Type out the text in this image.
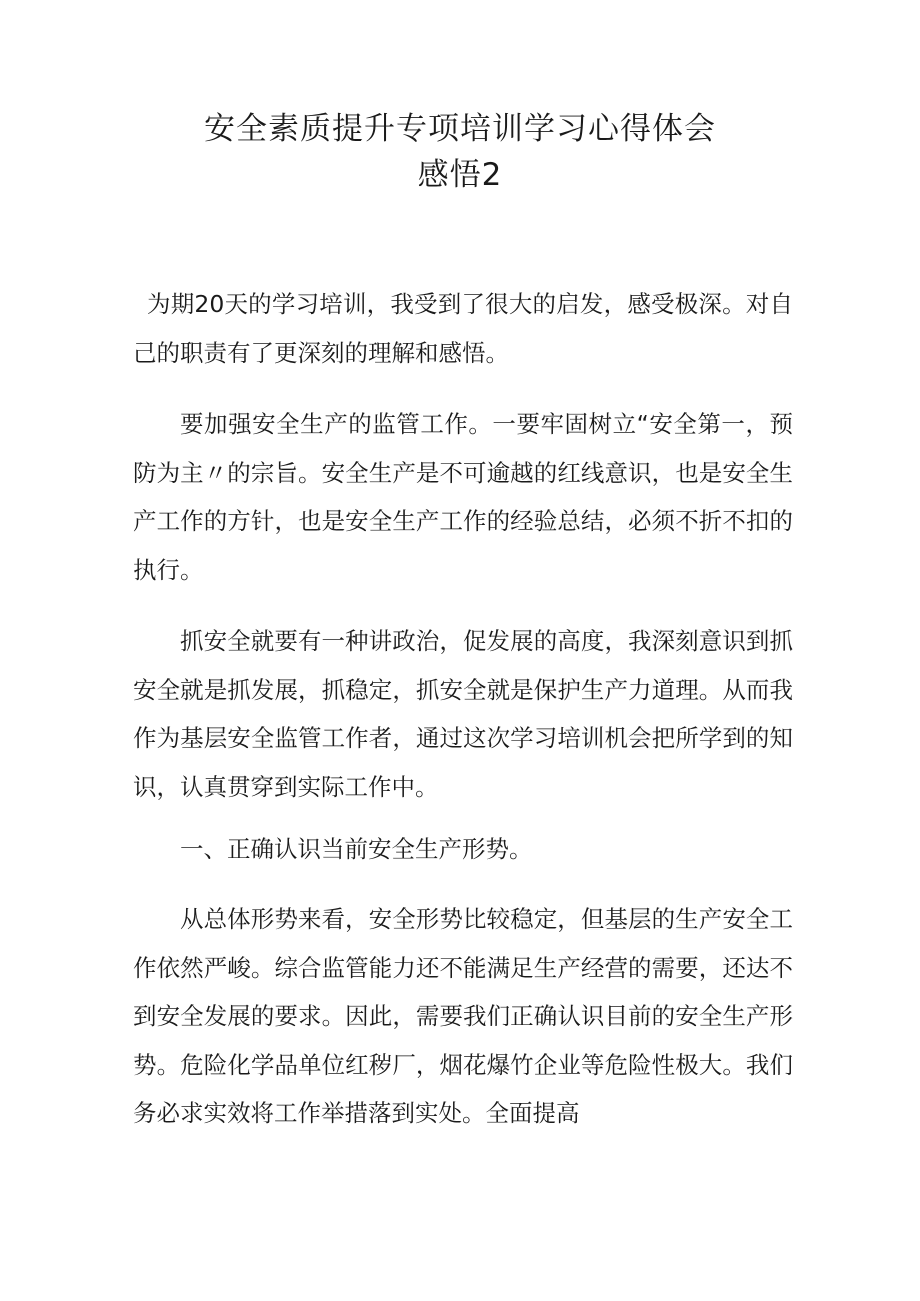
安全素质提升专项培训学习心得体会
感悟2

为期20天的学习培训，我受到了很大的启发，感受极深。对自己的职责有了更深刻的理解和感悟。

要加强安全生产的监管工作。一要牢固树立“安全第一，预防为主〃的宗旨。安全生产是不可逾越的红线意识，也是安全生产工作的方针，也是安全生产工作的经验总结，必须不折不扣的执行。

抓安全就要有一种讲政治，促发展的高度，我深刻意识到抓安全就是抓发展，抓稳定，抓安全就是保护生产力道理。从而我作为基层安全监管工作者，通过这次学习培训机会把所学到的知识，认真贯穿到实际工作中。

一、正确认识当前安全生产形势。

从总体形势来看，安全形势比较稳定，但基层的生产安全工作依然严峻。综合监管能力还不能满足生产经营的需要，还达不到安全发展的要求。因此，需要我们正确认识目前的安全生产形势。危险化学品单位红秽厂，烟花爆竹企业等危险性极大。我们务必求实效将工作举措落到实处。全面提高
